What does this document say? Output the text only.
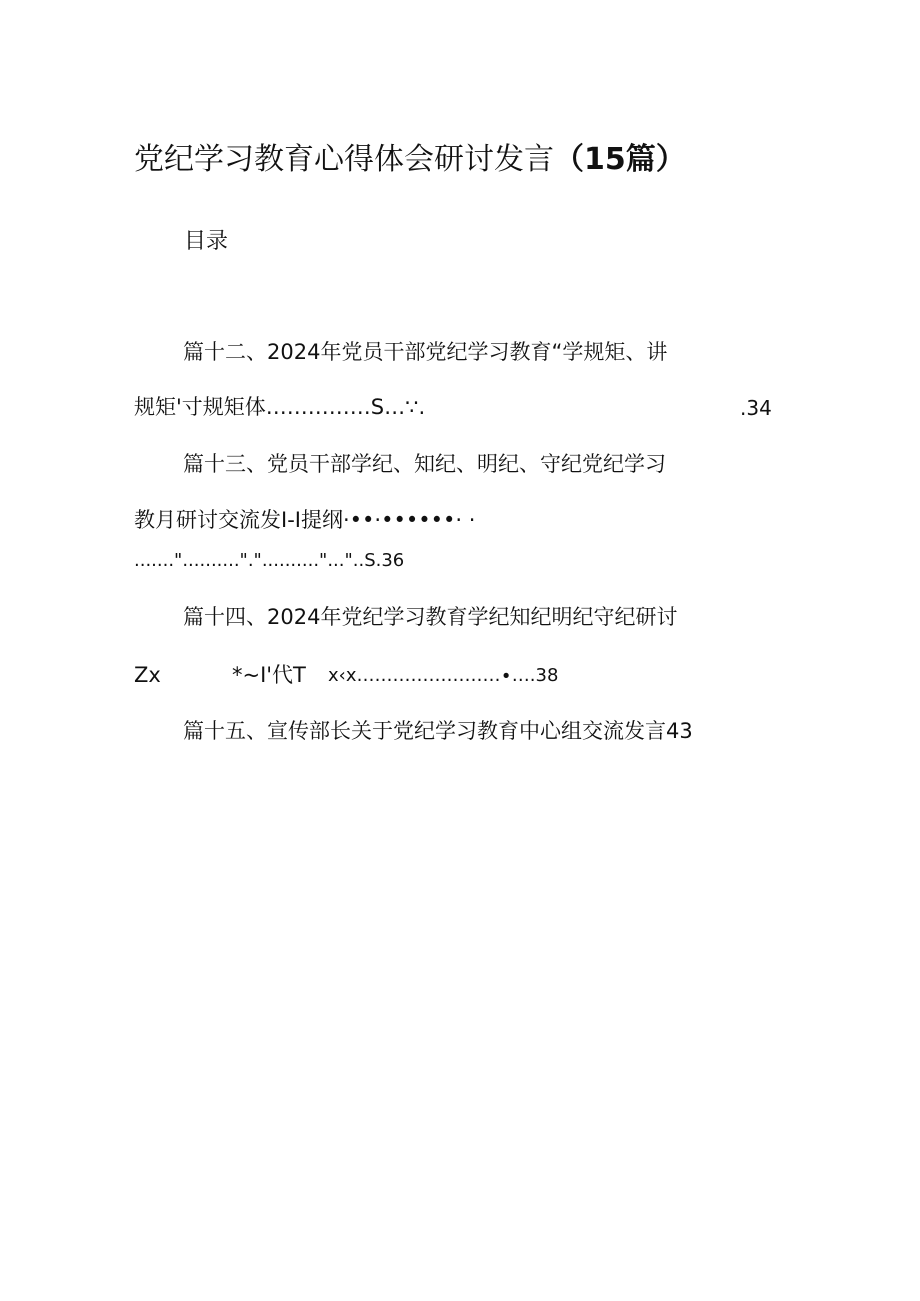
党纪学习教育心得体会研讨发言（15篇）
目录
篇十二、2024年党员干部党纪学习教育“学规矩、讲
规矩'寸规矩体……………S…∵.	.34
篇十三、党员干部学纪、知纪、明纪、守纪党纪学习
教月研讨交流发I-I提纲·••·••••••· ·
......."..........".".........."..."..S.36
篇十四、2024年党纪学习教育学纪知纪明纪守纪研讨
Zx	*~I'代T x‹x……………………∙….38
篇十五、宣传部长关于党纪学习教育中心组交流发言43
